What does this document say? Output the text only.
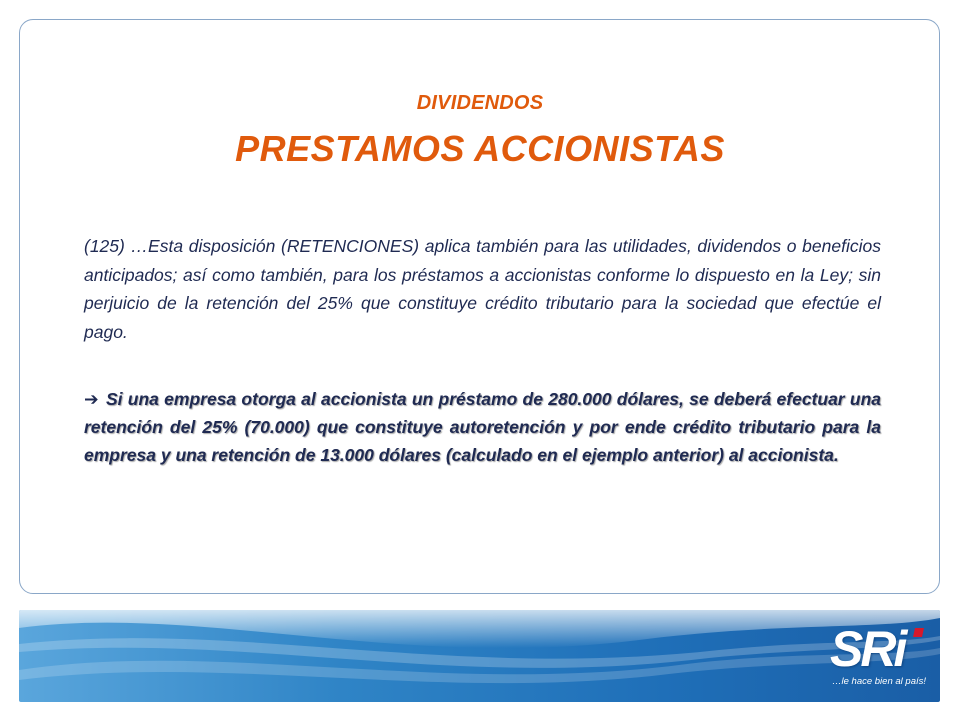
DIVIDENDOS
PRESTAMOS ACCIONISTAS

(125) …Esta disposición (RETENCIONES) aplica también para las utilidades, dividendos o beneficios anticipados; así como también, para los préstamos a accionistas conforme lo dispuesto en la Ley; sin perjuicio de la retención del 25% que constituye crédito tributario para la sociedad que efectúe el pago.

➔ Si una empresa otorga al accionista un préstamo de 280.000 dólares, se deberá efectuar una retención del 25% (70.000) que constituye autoretención y por ende crédito tributario para la empresa y una retención de 13.000 dólares (calculado en el ejemplo anterior) al accionista.

SRi
…le hace bien al país!
